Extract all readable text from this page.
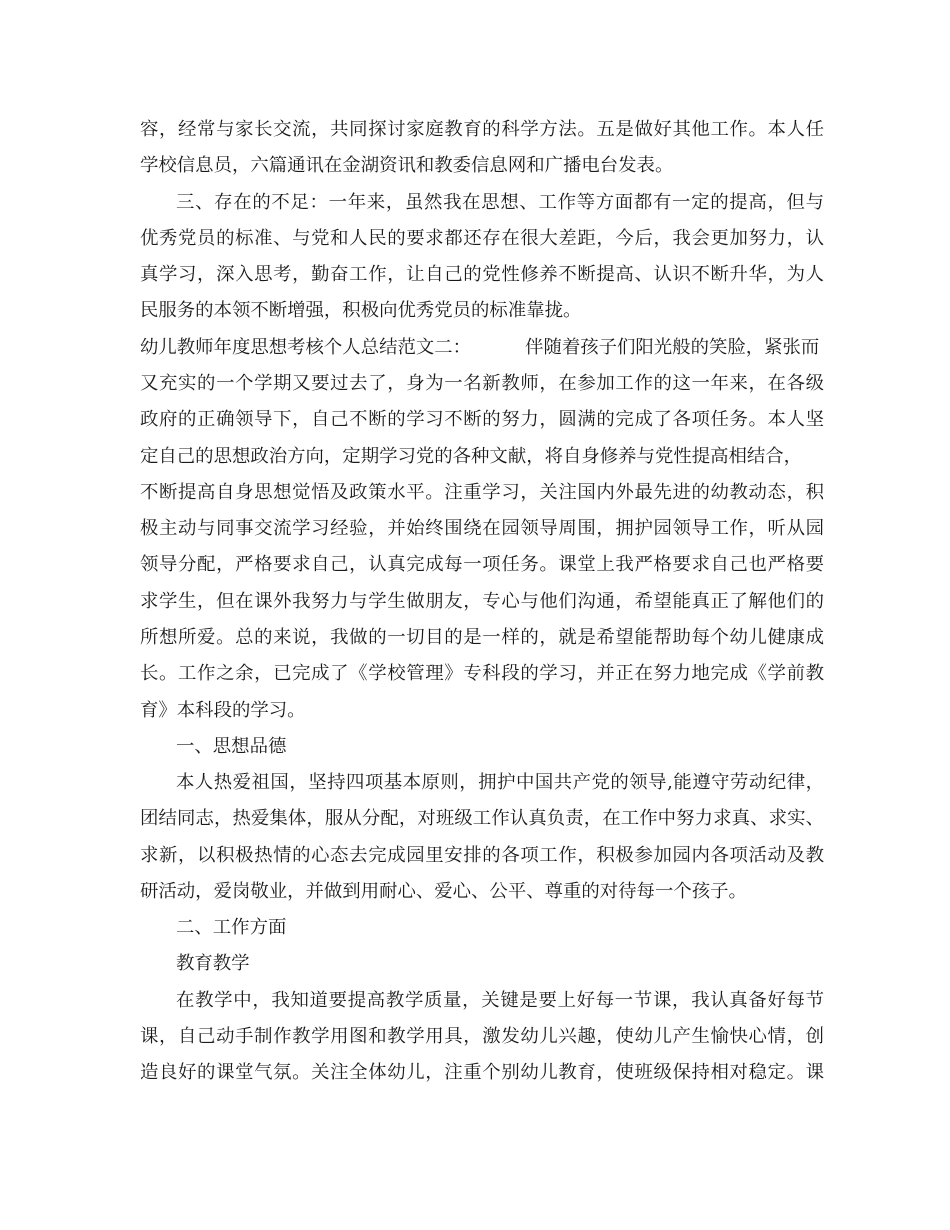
容，经常与家长交流，共同探讨家庭教育的科学方法。五是做好其他工作。本人任
学校信息员，六篇通讯在金湖资讯和教委信息网和广播电台发表。
三、存在的不足：一年来，虽然我在思想、工作等方面都有一定的提高，但与
优秀党员的标准、与党和人民的要求都还存在很大差距，今后，我会更加努力，认
真学习，深入思考，勤奋工作，让自己的党性修养不断提高、认识不断升华，为人
民服务的本领不断增强，积极向优秀党员的标准靠拢。
幼儿教师年度思想考核个人总结范文二：	伴随着孩子们阳光般的笑脸，紧张而
又充实的一个学期又要过去了，身为一名新教师，在参加工作的这一年来，在各级
政府的正确领导下，自己不断的学习不断的努力，圆满的完成了各项任务。本人坚
定自己的思想政治方向，定期学习党的各种文献，将自身修养与党性提高相结合，
不断提高自身思想觉悟及政策水平。注重学习，关注国内外最先进的幼教动态，积
极主动与同事交流学习经验，并始终围绕在园领导周围，拥护园领导工作，听从园
领导分配，严格要求自己，认真完成每一项任务。课堂上我严格要求自己也严格要
求学生，但在课外我努力与学生做朋友，专心与他们沟通，希望能真正了解他们的
所想所爱。总的来说，我做的一切目的是一样的，就是希望能帮助每个幼儿健康成
长。工作之余，已完成了《学校管理》专科段的学习，并正在努力地完成《学前教
育》本科段的学习。
一、思想品德
本人热爱祖国，坚持四项基本原则，拥护中国共产党的领导,能遵守劳动纪律，
团结同志，热爱集体，服从分配，对班级工作认真负责，在工作中努力求真、求实、
求新，以积极热情的心态去完成园里安排的各项工作，积极参加园内各项活动及教
研活动，爱岗敬业，并做到用耐心、爱心、公平、尊重的对待每一个孩子。
二、工作方面
教育教学
在教学中，我知道要提高教学质量，关键是要上好每一节课，我认真备好每节
课，自己动手制作教学用图和教学用具，激发幼儿兴趣，使幼儿产生愉快心情，创
造良好的课堂气氛。关注全体幼儿，注重个别幼儿教育，使班级保持相对稳定。课
